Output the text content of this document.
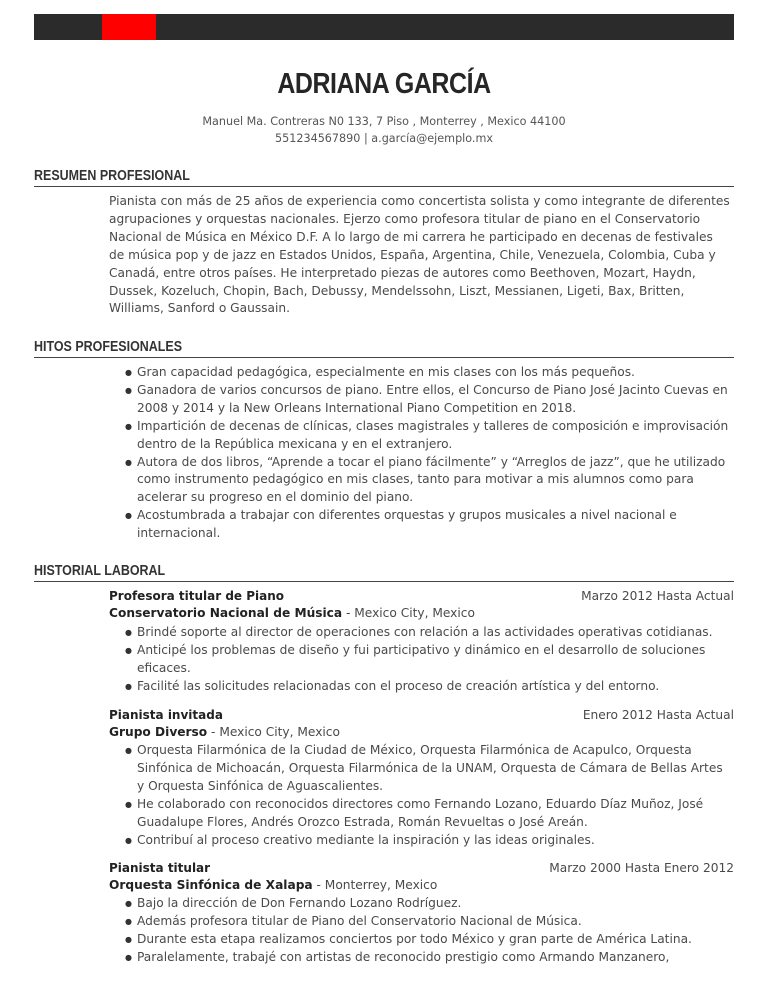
ADRIANA GARCÍA
Manuel Ma. Contreras N0 133, 7 Piso , Monterrey , Mexico 44100
551234567890 | a.garcía@ejemplo.mx
RESUMEN PROFESIONAL
Pianista con más de 25 años de experiencia como concertista solista y como integrante de diferentes agrupaciones y orquestas nacionales. Ejerzo como profesora titular de piano en el Conservatorio Nacional de Música en México D.F. A lo largo de mi carrera he participado en decenas de festivales de música pop y de jazz en Estados Unidos, España, Argentina, Chile, Venezuela, Colombia, Cuba y Canadá, entre otros países. He interpretado piezas de autores como Beethoven, Mozart, Haydn, Dussek, Kozeluch, Chopin, Bach, Debussy, Mendelssohn, Liszt, Messianen, Ligeti, Bax, Britten, Williams, Sanford o Gaussain.
HITOS PROFESIONALES
● Gran capacidad pedagógica, especialmente en mis clases con los más pequeños.
● Ganadora de varios concursos de piano. Entre ellos, el Concurso de Piano José Jacinto Cuevas en 2008 y 2014 y la New Orleans International Piano Competition en 2018.
● Impartición de decenas de clínicas, clases magistrales y talleres de composición e improvisación dentro de la República mexicana y en el extranjero.
● Autora de dos libros, “Aprende a tocar el piano fácilmente” y “Arreglos de jazz”, que he utilizado como instrumento pedagógico en mis clases, tanto para motivar a mis alumnos como para acelerar su progreso en el dominio del piano.
● Acostumbrada a trabajar con diferentes orquestas y grupos musicales a nivel nacional e internacional.
HISTORIAL LABORAL
Profesora titular de Piano	Marzo 2012 Hasta Actual
Conservatorio Nacional de Música - Mexico City, Mexico
● Brindé soporte al director de operaciones con relación a las actividades operativas cotidianas.
● Anticipé los problemas de diseño y fui participativo y dinámico en el desarrollo de soluciones eficaces.
● Facilité las solicitudes relacionadas con el proceso de creación artística y del entorno.
Pianista invitada	Enero 2012 Hasta Actual
Grupo Diverso - Mexico City, Mexico
● Orquesta Filarmónica de la Ciudad de México, Orquesta Filarmónica de Acapulco, Orquesta Sinfónica de Michoacán, Orquesta Filarmónica de la UNAM, Orquesta de Cámara de Bellas Artes y Orquesta Sinfónica de Aguascalientes.
● He colaborado con reconocidos directores como Fernando Lozano, Eduardo Díaz Muñoz, José Guadalupe Flores, Andrés Orozco Estrada, Román Revueltas o José Areán.
● Contribuí al proceso creativo mediante la inspiración y las ideas originales.
Pianista titular	Marzo 2000 Hasta Enero 2012
Orquesta Sinfónica de Xalapa - Monterrey, Mexico
● Bajo la dirección de Don Fernando Lozano Rodríguez.
● Además profesora titular de Piano del Conservatorio Nacional de Música.
● Durante esta etapa realizamos conciertos por todo México y gran parte de América Latina.
● Paralelamente, trabajé con artistas de reconocido prestigio como Armando Manzanero,
